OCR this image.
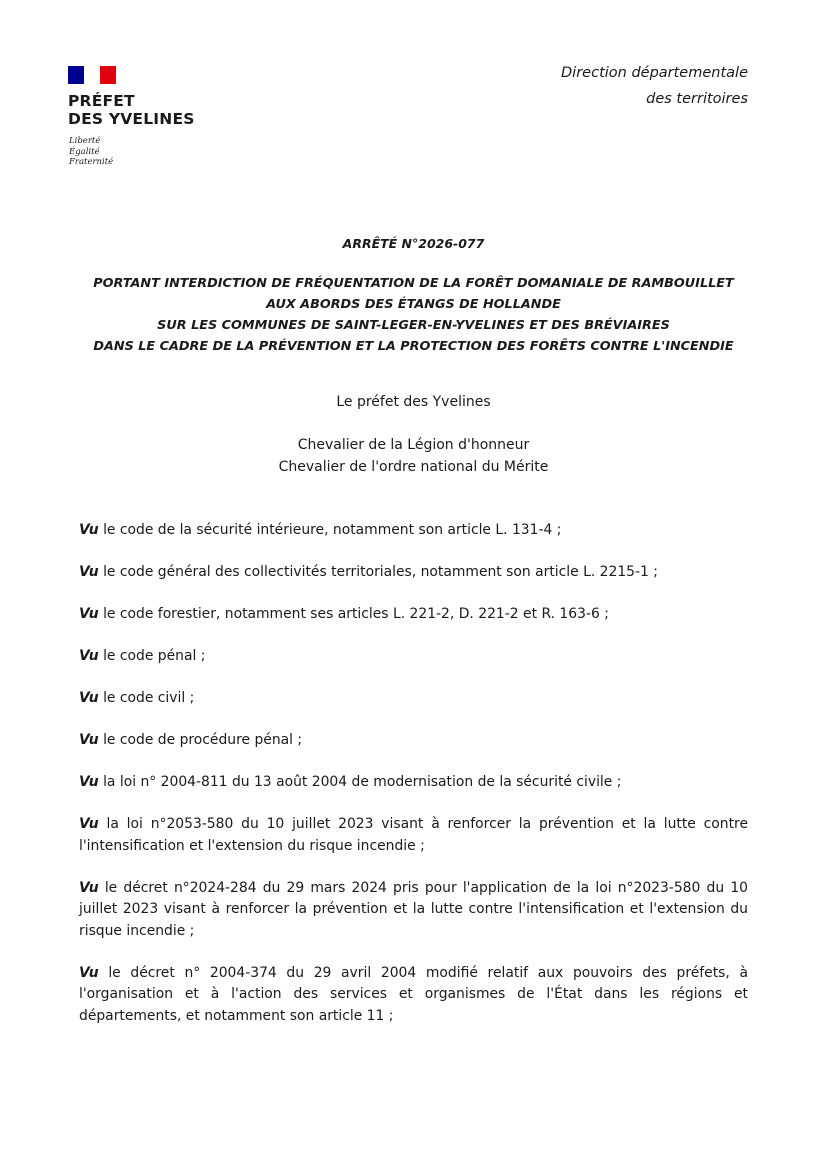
PRÉFET
DES YVELINES
Liberté
Égalité
Fraternité
Direction départementale
des territoires
ARRÊTÉ N°2026-077
PORTANT INTERDICTION DE FRÉQUENTATION DE LA FORÊT DOMANIALE DE RAMBOUILLET
AUX ABORDS DES ÉTANGS DE HOLLANDE
SUR LES COMMUNES DE SAINT-LEGER-EN-YVELINES ET DES BRÉVIAIRES
DANS LE CADRE DE LA PRÉVENTION ET LA PROTECTION DES FORÊTS CONTRE L'INCENDIE
Le préfet des Yvelines
Chevalier de la Légion d'honneur
Chevalier de l'ordre national du Mérite

Vu le code de la sécurité intérieure, notamment son article L. 131-4 ;

Vu le code général des collectivités territoriales, notamment son article L. 2215-1 ;

Vu le code forestier, notamment ses articles L. 221-2, D. 221-2 et R. 163-6 ;

Vu le code pénal ;

Vu le code civil ;

Vu le code de procédure pénal ;

Vu la loi n° 2004-811 du 13 août 2004 de modernisation de la sécurité civile ;

Vu la loi n°2053-580 du 10 juillet 2023 visant à renforcer la prévention et la lutte contre l'intensification et l'extension du risque incendie ;

Vu le décret n°2024-284 du 29 mars 2024 pris pour l'application de la loi n°2023-580 du 10 juillet 2023 visant à renforcer la prévention et la lutte contre l'intensification et l'extension du risque incendie ;

Vu le décret n° 2004-374 du 29 avril 2004 modifié relatif aux pouvoirs des préfets, à l'organisation et à l'action des services et organismes de l'État dans les régions et départements, et notamment son article 11 ;
